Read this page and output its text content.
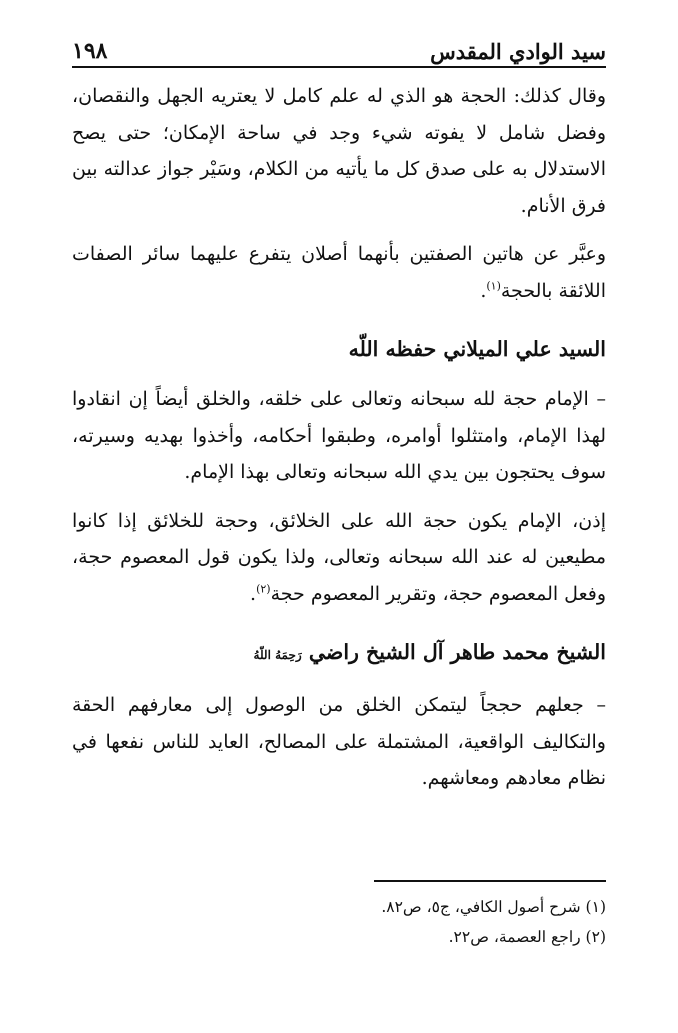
سيد الوادي المقدس
١٩٨

وقال كذلك: الحجة هو الذي له علم كامل لا يعتريه الجهل والنقصان، وفضل شامل لا يفوته شيء وجد في ساحة الإمكان؛ حتى يصح الاستدلال به على صدق كل ما يأتيه من الكلام، وسَيْر جواز عدالته بين فرق الأنام.

وعبَّر عن هاتين الصفتين بأنهما أصلان يتفرع عليهما سائر الصفات اللائقة بالحجة$^{(١)}$.

السيد علي الميلاني حفظه اللّه

– الإمام حجة لله سبحانه وتعالى على خلقه، والخلق أيضاً إن انقادوا لهذا الإمام، وامتثلوا أوامره، وطبقوا أحكامه، وأخذوا بهديه وسيرته، سوف يحتجون بين يدي الله سبحانه وتعالى بهذا الإمام.

إذن، الإمام يكون حجة الله على الخلائق، وحجة للخلائق إذا كانوا مطيعين له عند الله سبحانه وتعالى، ولذا يكون قول المعصوم حجة، وفعل المعصوم حجة، وتقرير المعصوم حجة$^{(٢)}$.

الشيخ محمد طاهر آل الشيخ راضي رَحِمَهُ اللّهُ

– جعلهم حججاً ليتمكن الخلق من الوصول إلى معارفهم الحقة والتكاليف الواقعية، المشتملة على المصالح، العايد للناس نفعها في نظام معادهم ومعاشهم.

(١) شرح أصول الكافي، ج٥، ص٨٢.

(٢) راجع العصمة، ص٢٢.
